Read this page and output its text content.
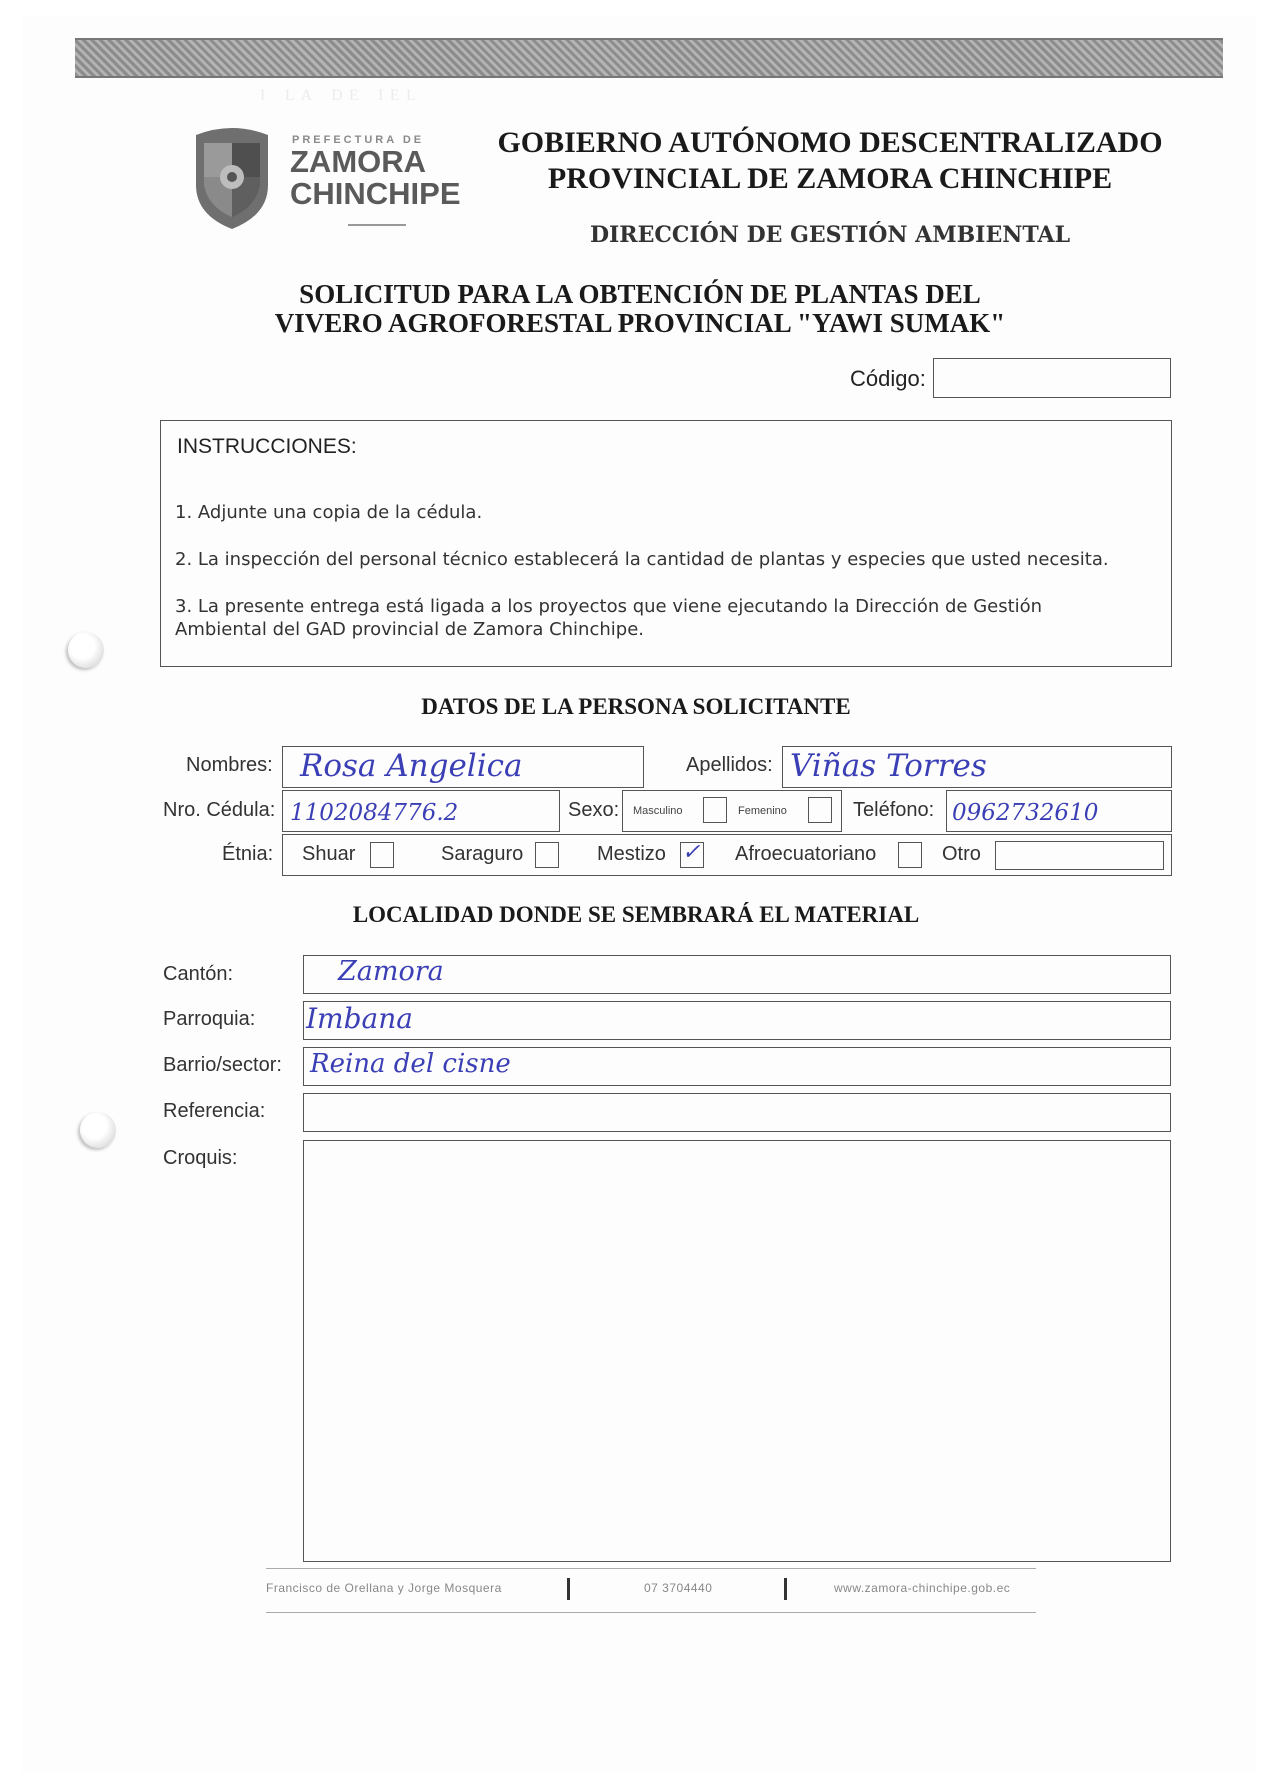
ᴵ   ᴸ ᴬ   ᴰ ᴱ   ᴵ ᴱ ᴸ
PREFECTURA DE
ZAMORA
CHINCHIPE
GOBIERNO AUTÓNOMO DESCENTRALIZADO
PROVINCIAL DE ZAMORA CHINCHIPE
DIRECCIÓN DE GESTIÓN AMBIENTAL
SOLICITUD PARA LA OBTENCIÓN DE PLANTAS DEL
VIVERO AGROFORESTAL PROVINCIAL "YAWI SUMAK"
Código:
INSTRUCCIONES:
1. Adjunte una copia de la cédula.
2. La inspección del personal técnico establecerá la cantidad de plantas y especies que usted necesita.
3. La presente entrega está ligada a los proyectos que viene ejecutando la Dirección de Gestión Ambiental del GAD provincial de Zamora Chinchipe.
DATOS DE LA PERSONA SOLICITANTE
Nombres: Rosa Angelica	Apellidos: Viñas Torres
Nro. Cédula: 1102084776.2	Sexo: Masculino	Femenino	Teléfono: 0962732610
Étnia: Shuar	Saraguro	Mestizo ✓ Afroecuatoriano	Otro
LOCALIDAD DONDE SE SEMBRARÁ EL MATERIAL
Cantón:	Zamora
Parroquia: Imbana
Barrio/sector: Reina del cisne
Referencia:
Croquis:
Francisco de Orellana y Jorge Mosquera	07 3704440	www.zamora-chinchipe.gob.ec
